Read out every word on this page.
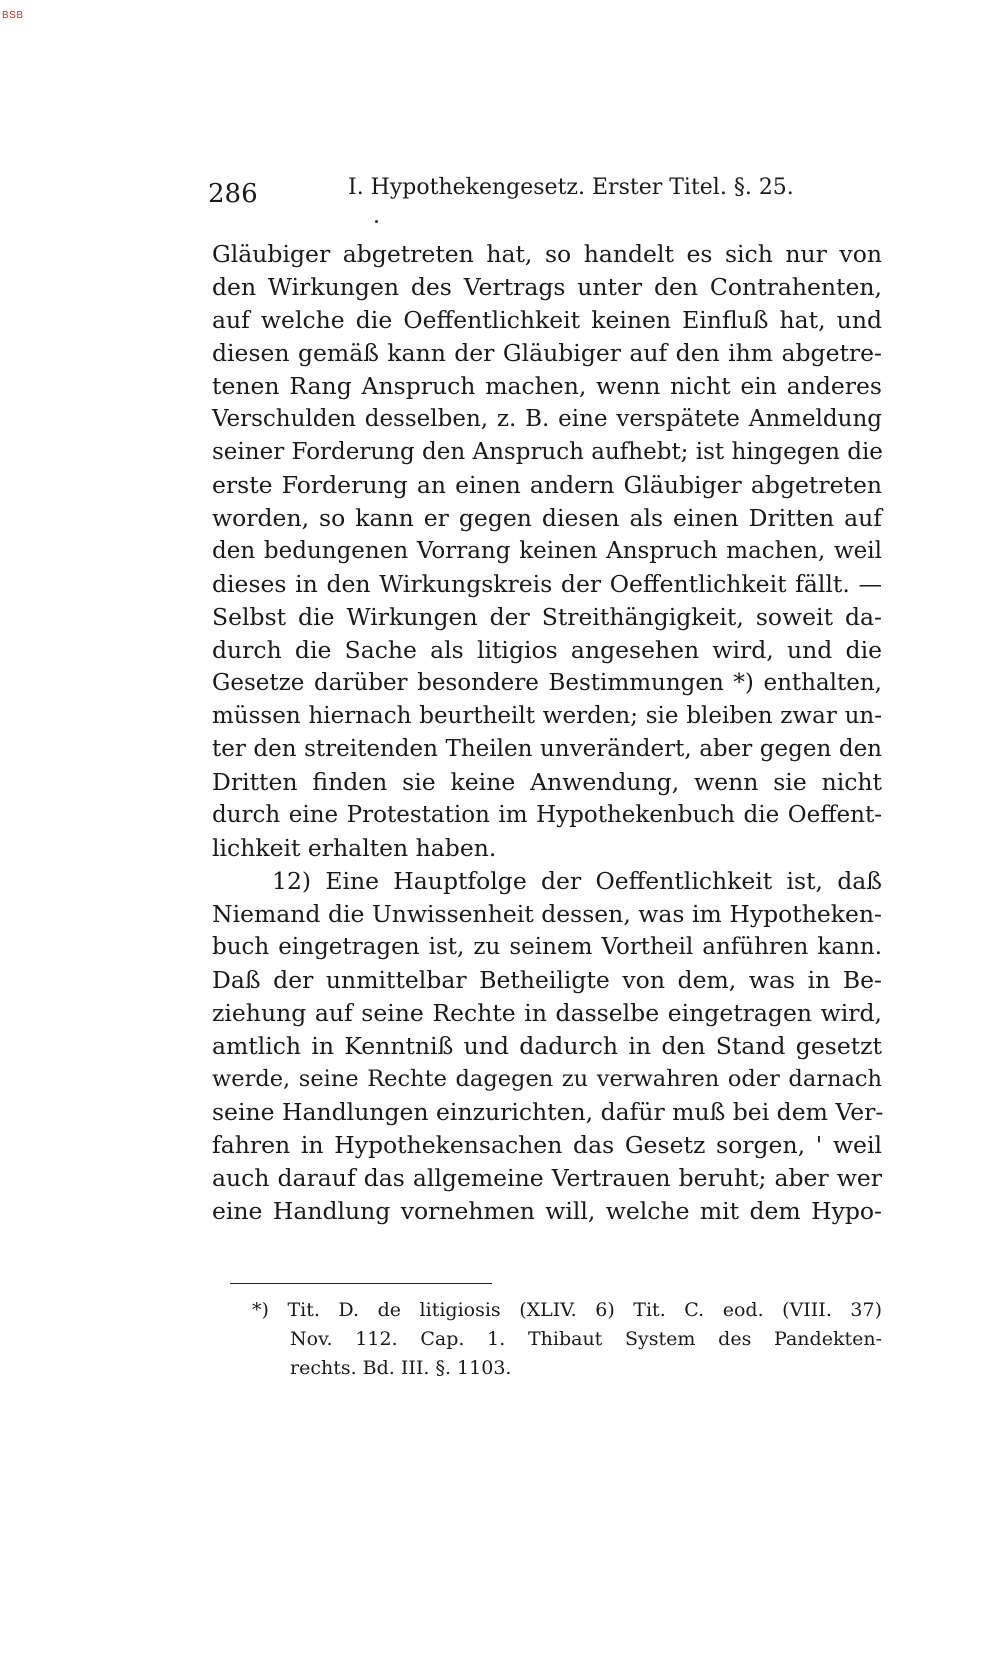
BSB
286	I. Hypothekengesetz. Erster Titel. §. 25.
Gläubiger abgetreten hat, so handelt es sich nur von
den Wirkungen des Vertrags unter den Contrahenten,
auf welche die Oeffentlichkeit keinen Einfluß hat, und
diesen gemäß kann der Gläubiger auf den ihm abgetre-
tenen Rang Anspruch machen, wenn nicht ein anderes
Verschulden desselben, z. B. eine verspätete Anmeldung
seiner Forderung den Anspruch aufhebt; ist hingegen die
erste Forderung an einen andern Gläubiger abgetreten
worden, so kann er gegen diesen als einen Dritten auf
den bedungenen Vorrang keinen Anspruch machen, weil
dieses in den Wirkungskreis der Oeffentlichkeit fällt. —
Selbst die Wirkungen der Streithängigkeit, soweit da-
durch die Sache als litigios angesehen wird, und die
Gesetze darüber besondere Bestimmungen *) enthalten,
müssen hiernach beurtheilt werden; sie bleiben zwar un-
ter den streitenden Theilen unverändert, aber gegen den
Dritten finden sie keine Anwendung, wenn sie nicht
durch eine Protestation im Hypothekenbuch die Oeffent-
lichkeit erhalten haben.
12) Eine Hauptfolge der Oeffentlichkeit ist, daß
Niemand die Unwissenheit dessen, was im Hypotheken-
buch eingetragen ist, zu seinem Vortheil anführen kann.
Daß der unmittelbar Betheiligte von dem, was in Be-
ziehung auf seine Rechte in dasselbe eingetragen wird,
amtlich in Kenntniß und dadurch in den Stand gesetzt
werde, seine Rechte dagegen zu verwahren oder darnach
seine Handlungen einzurichten, dafür muß bei dem Ver-
fahren in Hypothekensachen das Gesetz sorgen, ' weil
auch darauf das allgemeine Vertrauen beruht; aber wer
eine Handlung vornehmen will, welche mit dem Hypo-
*) Tit. D. de litigiosis (XLIV. 6) Tit. C. eod. (VIII. 37)
Nov. 112. Cap. 1. Thibaut System des Pandekten-
rechts. Bd. III. §. 1103.
